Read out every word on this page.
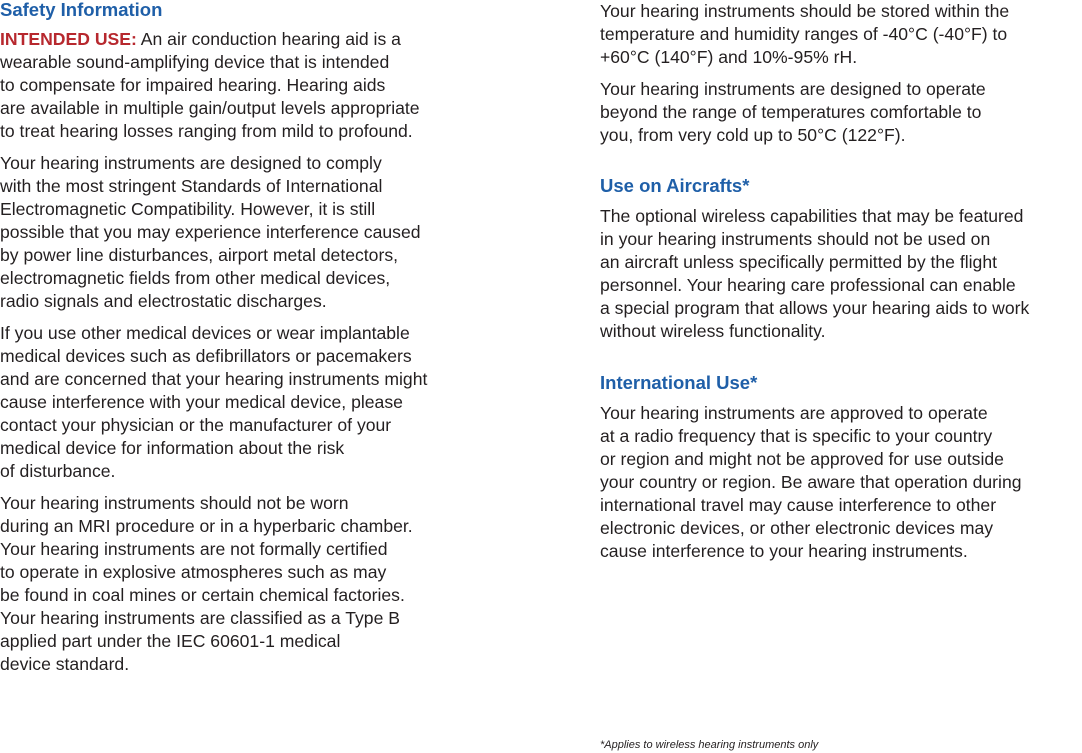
Safety Information

INTENDED USE: An air conduction hearing aid is a
wearable sound-amplifying device that is intended
to compensate for impaired hearing. Hearing aids
are available in multiple gain/output levels appropriate
to treat hearing losses ranging from mild to profound.

Your hearing instruments are designed to comply
with the most stringent Standards of International
Electromagnetic Compatibility. However, it is still
possible that you may experience interference caused
by power line disturbances, airport metal detectors,
electromagnetic fields from other medical devices,
radio signals and electrostatic discharges.

If you use other medical devices or wear implantable
medical devices such as defibrillators or pacemakers
and are concerned that your hearing instruments might
cause interference with your medical device, please
contact your physician or the manufacturer of your
medical device for information about the risk
of disturbance.

Your hearing instruments should not be worn
during an MRI procedure or in a hyperbaric chamber.
Your hearing instruments are not formally certified
to operate in explosive atmospheres such as may
be found in coal mines or certain chemical factories.
Your hearing instruments are classified as a Type B
applied part under the IEC 60601-1 medical
device standard.

Your hearing instruments should be stored within the
temperature and humidity ranges of -40°C (-40°F) to
+60°C (140°F) and 10%-95% rH.

Your hearing instruments are designed to operate
beyond the range of temperatures comfortable to
you, from very cold up to 50°C (122°F).

Use on Aircrafts*

The optional wireless capabilities that may be featured
in your hearing instruments should not be used on
an aircraft unless specifically permitted by the flight
personnel. Your hearing care professional can enable
a special program that allows your hearing aids to work
without wireless functionality.

International Use*

Your hearing instruments are approved to operate
at a radio frequency that is specific to your country
or region and might not be approved for use outside
your country or region. Be aware that operation during
international travel may cause interference to other
electronic devices, or other electronic devices may
cause interference to your hearing instruments.

*Applies to wireless hearing instruments only
